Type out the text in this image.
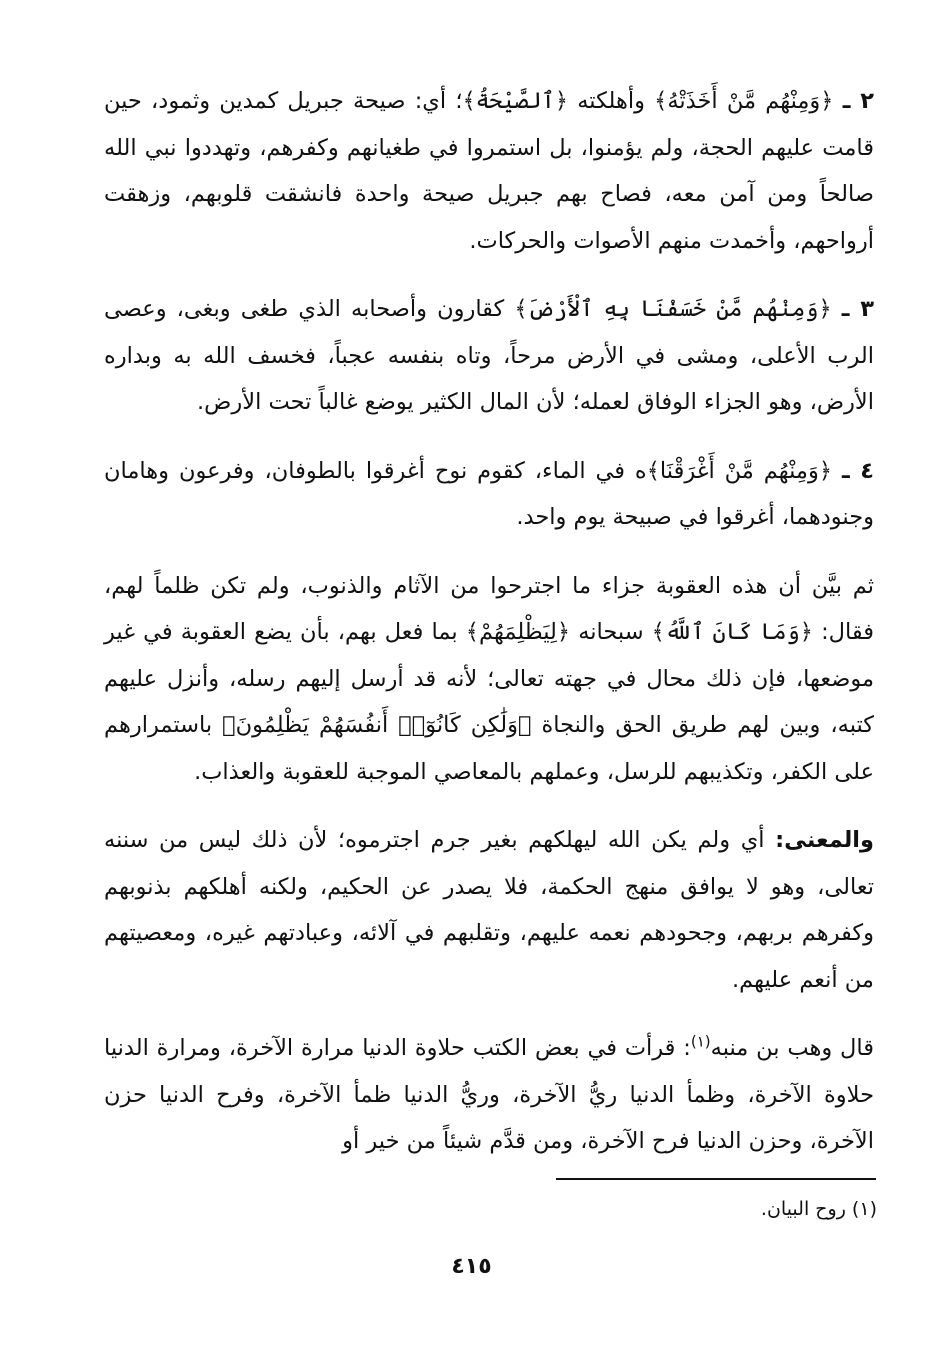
٢ ـ ﴿وَمِنْهُم مَّنْ أَخَذَتْهُ﴾ وأهلكته ﴿ٱلصَّيْحَةُ﴾؛ أي: صيحة جبريل كمدين وثمود، حين قامت عليهم الحجة، ولم يؤمنوا، بل استمروا في طغيانهم وكفرهم، وتهددوا نبي الله صالحاً ومن آمن معه، فصاح بهم جبريل صيحة واحدة فانشقت قلوبهم، وزهقت أرواحهم، وأخمدت منهم الأصوات والحركات.

٣ ـ ﴿وَمِنْهُم مَّنْ خَسَفْنَا بِهِ ٱلْأَرْضَ﴾ كقارون وأصحابه الذي طغى وبغى، وعصى الرب الأعلى، ومشى في الأرض مرحاً، وتاه بنفسه عجباً، فخسف الله به وبداره الأرض، وهو الجزاء الوفاق لعمله؛ لأن المال الكثير يوضع غالباً تحت الأرض.

٤ ـ ﴿وَمِنْهُم مَّنْ أَغْرَقْنَا﴾ه في الماء، كقوم نوح أغرقوا بالطوفان، وفرعون وهامان وجنودهما، أغرقوا في صبيحة يوم واحد.

ثم بيَّن أن هذه العقوبة جزاء ما اجترحوا من الآثام والذنوب، ولم تكن ظلماً لهم، فقال: ﴿وَمَا كَانَ ٱللَّهُ﴾ سبحانه ﴿لِيَظْلِمَهُمْ﴾ بما فعل بهم، بأن يضع العقوبة في غير موضعها، فإن ذلك محال في جهته تعالى؛ لأنه قد أرسل إليهم رسله، وأنزل عليهم كتبه، وبين لهم طريق الحق والنجاة ﴿وَلَٰكِن كَانُوٓا۟ أَنفُسَهُمْ يَظْلِمُونَ﴾ باستمرارهم على الكفر، وتكذيبهم للرسل، وعملهم بالمعاصي الموجبة للعقوبة والعذاب.

والمعنى: أي ولم يكن الله ليهلكهم بغير جرم اجترموه؛ لأن ذلك ليس من سننه تعالى، وهو لا يوافق منهج الحكمة، فلا يصدر عن الحكيم، ولكنه أهلكهم بذنوبهم وكفرهم بربهم، وجحودهم نعمه عليهم، وتقلبهم في آلائه، وعبادتهم غيره، ومعصيتهم من أنعم عليهم.

قال وهب بن منبه$^{(١)}$: قرأت في بعض الكتب حلاوة الدنيا مرارة الآخرة، ومرارة الدنيا حلاوة الآخرة، وظمأ الدنيا ريُّ الآخرة، وريُّ الدنيا ظمأ الآخرة، وفرح الدنيا حزن الآخرة، وحزن الدنيا فرح الآخرة، ومن قدَّم شيئاً من خير أو

(١) روح البيان.
٤١٥
